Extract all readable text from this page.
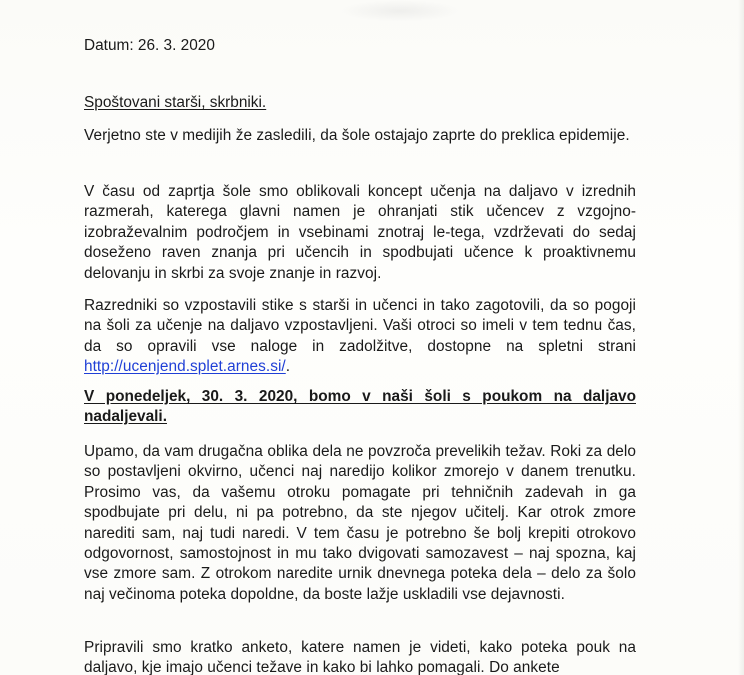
Datum: 26. 3. 2020

Spoštovani starši, skrbniki.

Verjetno ste v medijih že zasledili, da šole ostajajo zaprte do preklica epidemije.

V času od zaprtja šole smo oblikovali koncept učenja na daljavo v izrednih razmerah, katerega glavni namen je ohranjati stik učencev z vzgojno-izobraževalnim področjem in vsebinami znotraj le-tega, vzdrževati do sedaj doseženo raven znanja pri učencih in spodbujati učence k proaktivnemu delovanju in skrbi za svoje znanje in razvoj.

Razredniki so vzpostavili stike s starši in učenci in tako zagotovili, da so pogoji na šoli za učenje na daljavo vzpostavljeni. Vaši otroci so imeli v tem tednu čas, da so opravili vse naloge in zadolžitve, dostopne na spletni strani http://ucenjend.splet.arnes.si/.

V ponedeljek, 30. 3. 2020, bomo v naši šoli s poukom na daljavo nadaljevali.

Upamo, da vam drugačna oblika dela ne povzroča prevelikih težav. Roki za delo so postavljeni okvirno, učenci naj naredijo kolikor zmorejo v danem trenutku. Prosimo vas, da vašemu otroku pomagate pri tehničnih zadevah in ga spodbujate pri delu, ni pa potrebno, da ste njegov učitelj. Kar otrok zmore narediti sam, naj tudi naredi. V tem času je potrebno še bolj krepiti otrokovo odgovornost, samostojnost in mu tako dvigovati samozavest – naj spozna, kaj vse zmore sam. Z otrokom naredite urnik dnevnega poteka dela – delo za šolo naj večinoma poteka dopoldne, da boste lažje uskladili vse dejavnosti.

Pripravili smo kratko anketo, katere namen je videti, kako poteka pouk na daljavo, kje imajo učenci težave in kako bi lahko pomagali. Do ankete
